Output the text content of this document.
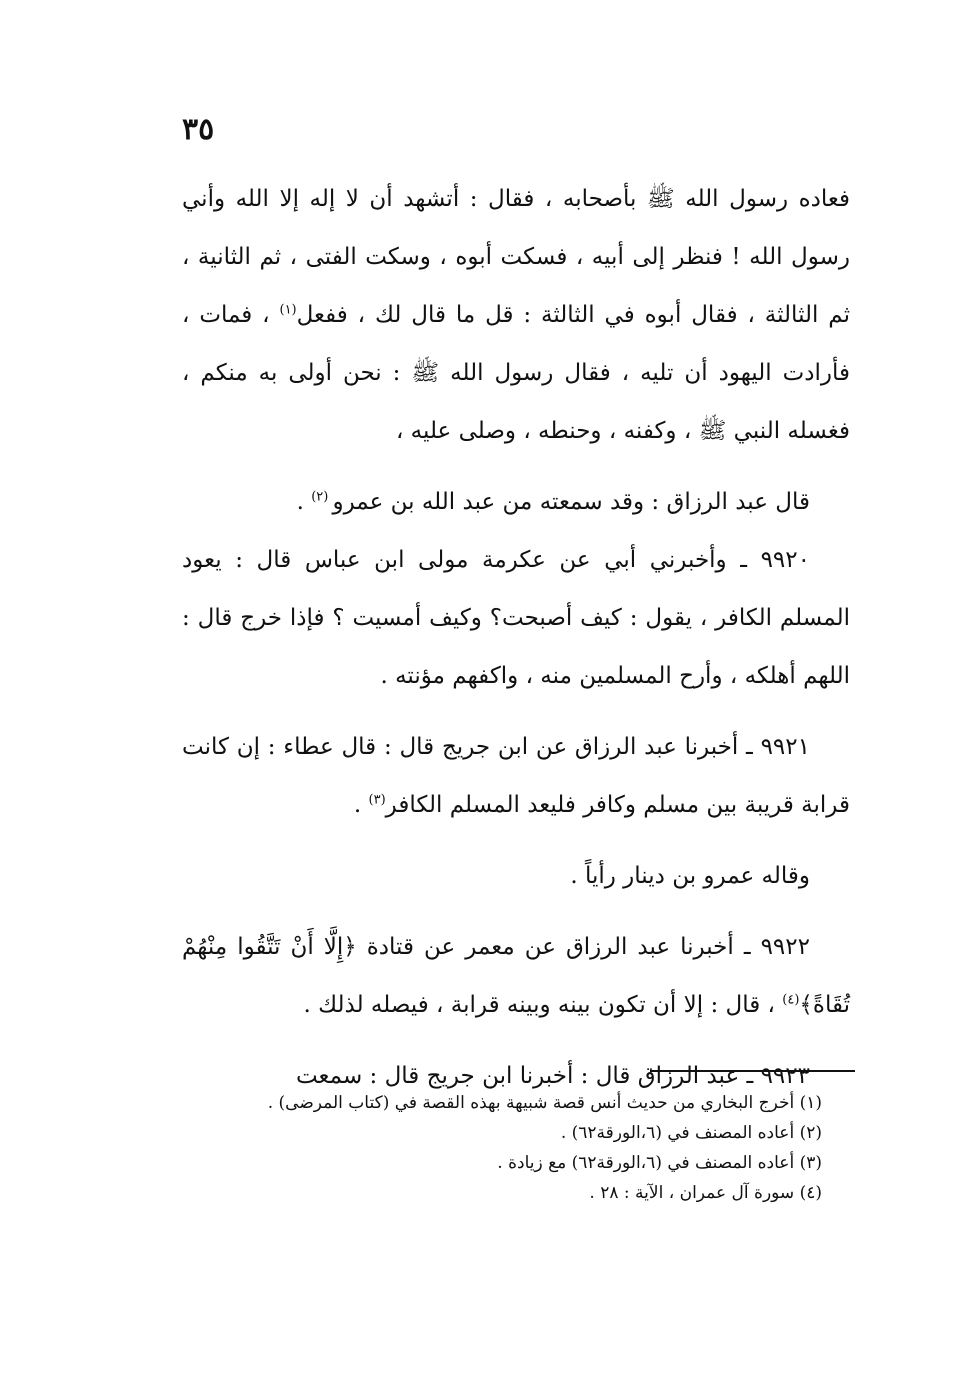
٣٥

فعاده رسول الله ﷺ بأصحابه ، فقال : أتشهد أن لا إله إلا الله وأني رسول الله ! فنظر إلى أبيه ، فسكت أبوه ، وسكت الفتى ، ثم الثانية ، ثم الثالثة ، فقال أبوه في الثالثة : قل ما قال لك ، ففعل$^{(١)}$ ، فمات ، فأرادت اليهود أن تليه ، فقال رسول الله ﷺ : نحن أولى به منكم ، فغسله النبي ﷺ ، وكفنه ، وحنطه ، وصلى عليه ،

قال عبد الرزاق : وقد سمعته من عبد الله بن عمرو $^{(٢)}$ .

٩٩٢٠ ـ وأخبرني أبي عن عكرمة مولى ابن عباس قال : يعود المسلم الكافر ، يقول : كيف أصبحت؟ وكيف أمسيت ؟ فإذا خرج قال : اللهم أهلكه ، وأرح المسلمين منه ، واكفهم مؤنته .

٩٩٢١ ـ أخبرنا عبد الرزاق عن ابن جريج قال : قال عطاء : إن كانت قرابة قريبة بين مسلم وكافر فليعد المسلم الكافر$^{(٣)}$ .

وقاله عمرو بن دينار رأياً .

٩٩٢٢ ـ أخبرنا عبد الرزاق عن معمر عن قتادة ﴿إِلَّا أَنْ تَتَّقُوا مِنْهُمْ تُقَاةً﴾$^{(٤)}$ ، قال : إلا أن تكون بينه وبينه قرابة ، فيصله لذلك .

٩٩٢٣ ـ عبد الرزاق قال : أخبرنا ابن جريج قال : سمعت

(١) أخرج البخاري من حديث أنس قصة شبيهة بهذه القصة في (كتاب المرضى) .

(٢) أعاده المصنف في (٦،الورقة٦٢) .

(٣) أعاده المصنف في (٦،الورقة٦٢) مع زيادة .

(٤) سورة آل عمران ، الآية : ٢٨ .
